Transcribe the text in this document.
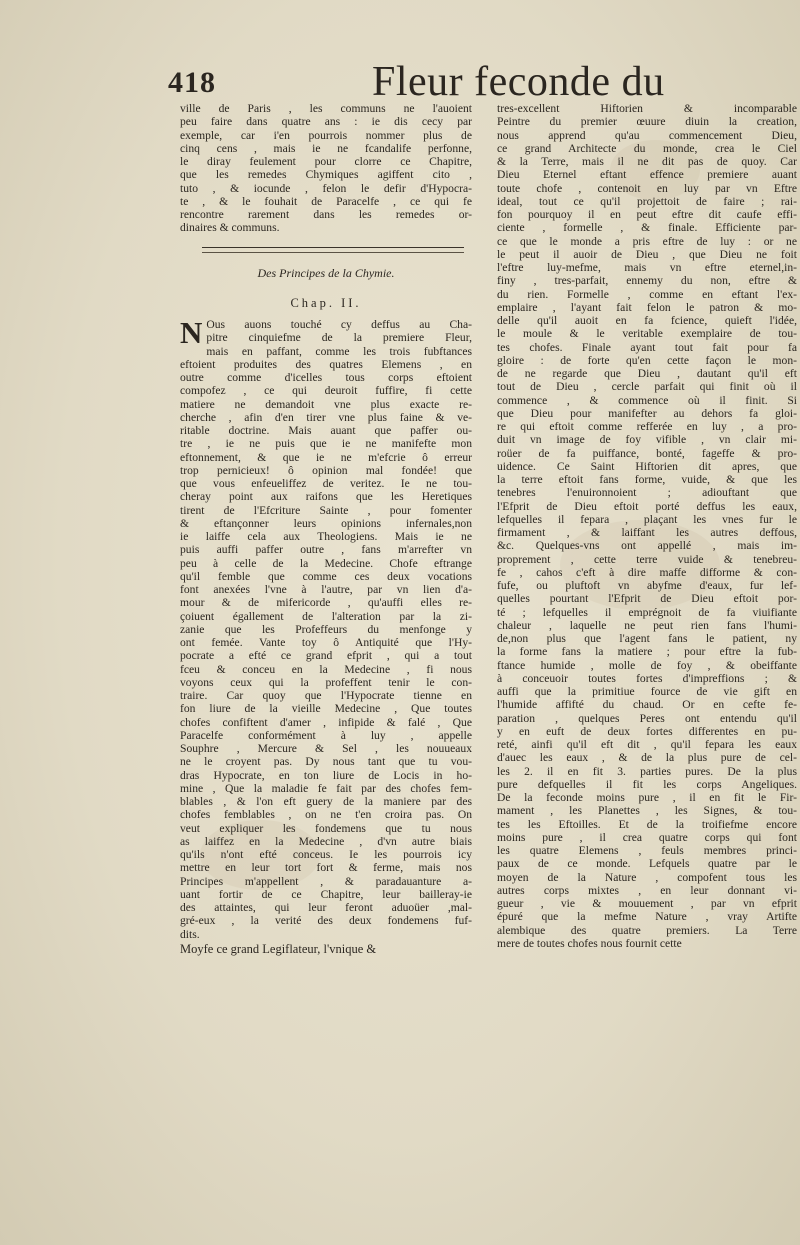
418	Fleur feconde du
ville de Paris , les communs ne l'auoient
peu faire dans quatre ans : ie dis cecy par
exemple, car i'en pourrois nommer plus de
cinq cens , mais ie ne fcandalife perfonne,
le diray feulement pour clorre ce Chapitre,
que les remedes Chymiques agiffent cito ,
tuto , & iocunde , felon le defir d'Hypocra-
te , & le fouhait de Paracelfe , ce qui fe
rencontre rarement dans les remedes or-
dinaires & communs.
Des Principes de la Chymie.
Chap. II.
N Ous auons touché cy deffus au Cha-
pitre cinquiefme de la premiere Fleur,
mais en paffant, comme les trois fubftances
eftoient produites des quatres Elemens , en
outre comme d'icelles tous corps eftoient
compofez , ce qui deuroit fuffire, fi cette
matiere ne demandoit vne plus exacte re-
cherche , afin d'en tirer vne plus faine & ve-
ritable doctrine. Mais auant que paffer ou-
tre , ie ne puis que ie ne manifefte mon
eftonnement, & que ie ne m'efcrie ô erreur
trop pernicieux! ô opinion mal fondée! que
que vous enfeueliffez de veritez. Ie ne tou-
cheray point aux raifons que les Heretiques
tirent de l'Efcriture Sainte , pour fomenter
& eftançonner leurs opinions infernales,non
ie laiffe cela aux Theologiens. Mais ie ne
puis auffi paffer outre , fans m'arrefter vn
peu à celle de la Medecine. Chofe eftrange
qu'il femble que comme ces deux vocations
font anexées l'vne à l'autre, par vn lien d'a-
mour & de mifericorde , qu'auffi elles re-
çoiuent égallement de l'alteration par la zi-
zanie que les Profeffeurs du menfonge y
ont femée. Vante toy ô Antiquité que l'Hy-
pocrate a efté ce grand efprit , qui a tout
fceu & conceu en la Medecine , fi nous
voyons ceux qui la profeffent tenir le con-
traire. Car quoy que l'Hypocrate tienne en
fon liure de la vieille Medecine , Que toutes
chofes confiftent d'amer , infipide & falé , Que
Paracelfe conformément à luy , appelle
Souphre , Mercure & Sel , les nouueaux
ne le croyent pas. Dy nous tant que tu vou-
dras Hypocrate, en ton liure de Locis in ho-
mine , Que la maladie fe fait par des chofes fem-
blables , & l'on eft guery de la maniere par des
chofes femblables , on ne t'en croira pas. On
veut expliquer les fondemens que tu nous
as laiffez en la Medecine , d'vn autre biais
qu'ils n'ont efté conceus. Ie les pourrois icy
mettre en leur tort fort & ferme, mais nos
Principes m'appellent , & paradauanture a-
uant fortir de ce Chapitre, leur bailleray-ie
des attaintes, qui leur feront aduoüer ,mal-
gré-eux , la verité des deux fondemens fuf-
dits.
Moyfe ce grand Legiflateur, l'vnique &
tres-excellent Hiftorien & incomparable
Peintre du premier œuure diuin la creation,
nous apprend qu'au commencement Dieu,
ce grand Architecte du monde, crea le Ciel
& la Terre, mais il ne dit pas de quoy. Car
Dieu Eternel eftant effence premiere auant
toute chofe , contenoit en luy par vn Eftre
ideal, tout ce qu'il projettoit de faire ; rai-
fon pourquoy il en peut eftre dit caufe effi-
ciente , formelle , & finale. Efficiente par-
ce que le monde a pris eftre de luy : or ne
le peut il auoir de Dieu , que Dieu ne foit
l'eftre luy-mefme, mais vn eftre eternel,in-
finy , tres-parfait, ennemy du non, eftre &
du rien. Formelle , comme en eftant l'ex-
emplaire , l'ayant fait felon le patron & mo-
delle qu'il auoit en fa fcience, quieft l'idée,
le moule & le veritable exemplaire de tou-
tes chofes. Finale ayant tout fait pour fa
gloire : de forte qu'en cette façon le mon-
de ne regarde que Dieu , dautant qu'il eft
tout de Dieu , cercle parfait qui finit où il
commence , & commence où il finit. Si
que Dieu pour manifefter au dehors fa gloi-
re qui eftoit comme refferée en luy , a pro-
duit vn image de foy vifible , vn clair mi-
roüer de fa puiffance, bonté, fageffe & pro-
uidence. Ce Saint Hiftorien dit apres, que
la terre eftoit fans forme, vuide, & que les
tenebres l'enuironnoient ; adiouftant que
l'Efprit de Dieu eftoit porté deffus les eaux,
lefquelles il fepara , plaçant les vnes fur le
firmament , & laiffant les autres deffous,
&c. Quelques-vns ont appellé , mais im-
proprement , cette terre vuide & tenebreu-
fe , cahos c'eft à dire maffe difforme & con-
fufe, ou pluftoft vn abyfme d'eaux, fur lef-
quelles pourtant l'Efprit de Dieu eftoit por-
té ; lefquelles il emprégnoit de fa viuifiante
chaleur , laquelle ne peut rien fans l'humi-
de,non plus que l'agent fans le patient, ny
la forme fans la matiere ; pour eftre la fub-
ftance humide , molle de foy , & obeiffante
à conceuoir toutes fortes d'impreffions ; &
auffi que la primitiue fource de vie gift en
l'humide affifté du chaud. Or en cefte fe-
paration , quelques Peres ont entendu qu'il
y en euft de deux fortes differentes en pu-
reté, ainfi qu'il eft dit , qu'il fepara les eaux
d'auec les eaux , & de la plus pure de cel-
les 2. il en fit 3. parties pures. De la plus
pure defquelles il fit les corps Angeliques.
De la feconde moins pure , il en fit le Fir-
mament , les Planettes , les Signes, & tou-
tes les Eftoilles. Et de la troifiefme encore
moins pure , il crea quatre corps qui font
les quatre Elemens , feuls membres princi-
paux de ce monde. Lefquels quatre par le
moyen de la Nature , compofent tous les
autres corps mixtes , en leur donnant vi-
gueur , vie & mouuement , par vn efprit
épuré que la mefme Nature , vray Artifte
alembique des quatre premiers. La Terre
mere de toutes chofes nous fournit cette
